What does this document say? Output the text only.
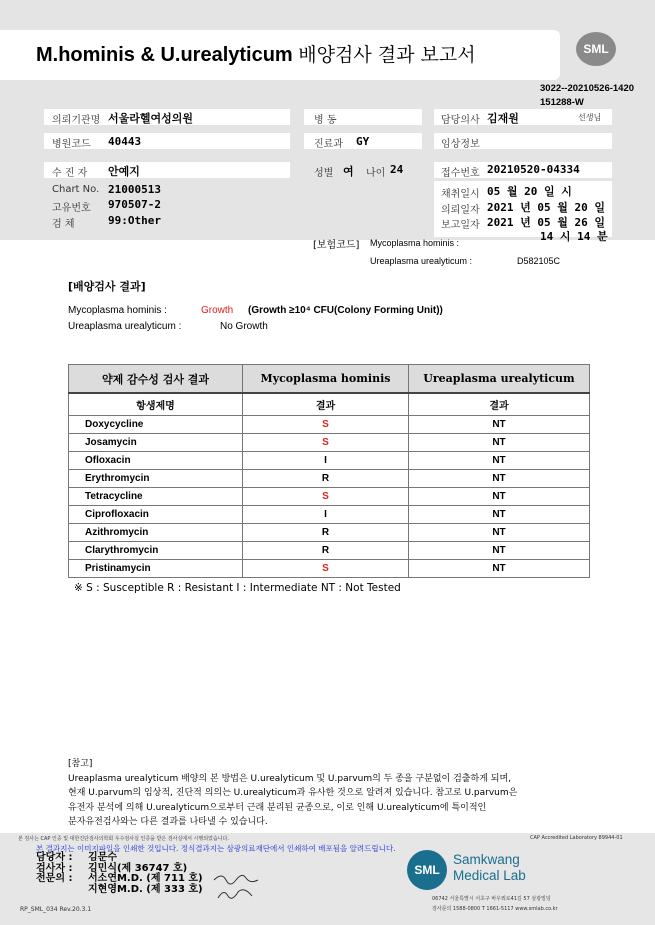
M.hominis & U.urealyticum 배양검사 결과 보고서	SML
3022--20210526-1420
151288-W
의뢰기관명 서울라헬여성의원
병원코드 40443
수 진 자 안예지
Chart No. 21000513
고유번호 970507-2
검 체	99:Other
병 동
진료과 GY
성별 여 나이 24
담당의사 김재원	선생님
임상정보
접수번호 20210520-04334
채취일시 05 월 20 일 시
의뢰일자 2021 년 05 월 20 일
보고일자 2021 년 05 월 26 일
14 시 14 분
[보험코드] Mycoplasma hominis :
Ureaplasma urealyticum :	D582105C
[배양검사 결과]
Mycoplasma hominis :	Growth (Growth ≥10⁴ CFU(Colony Forming Unit))
Ureaplasma urealyticum :	No Growth
약제 감수성 검사 결과	Mycoplasma hominis	Ureaplasma urealyticum
항생제명	결과	결과
Doxycycline	S	NT
Josamycin	S	NT
Ofloxacin	I	NT
Erythromycin	R	NT
Tetracycline	S	NT
Ciprofloxacin	I	NT
Azithromycin	R	NT
Clarythromycin	R	NT
Pristinamycin	S	NT
※ S : Susceptible R : Resistant I : Intermediate NT : Not Tested
[참고]
Ureaplasma urealyticum 배양의 본 방법은 U.urealyticum 및 U.parvum의 두 종을 구분없이 검출하게 되며,
현재 U.parvum의 임상적, 진단적 의의는 U.urealyticum과 유사한 것으로 알려져 있습니다. 참고로 U.parvum은
유전자 분석에 의해 U.urealyticum으로부터 근래 분리된 균종으로, 이로 인해 U.urealyticum에 특이적인
분자유전검사와는 다른 결과를 나타낼 수 있습니다.
본 검사는 CAP 인증 및 대한진단검사의학회 우수검사실 인증을 받은 검사실에서 시행되었습니다.	CAP Accredited Laboratory 89944-01
본 결과지는 이미지파일을 인쇄한 것입니다. 정식결과지는 삼광의료재단에서 인쇄하여 배포됨을 알려드립니다.
담당자 : 김문수
검사자 : 김민식(제 36747 호)
전문의 : 서소연M.D. (제 711 호)
지현영M.D. (제 333 호)
RP_SML_034 Rev.20.3.1
SML
Samkwang
Medical Lab
06742 서울특별시 서초구 바우뫼로41길 57 삼광빌딩
검사문의 1588-0800 T 1661-5117 www.smlab.co.kr
